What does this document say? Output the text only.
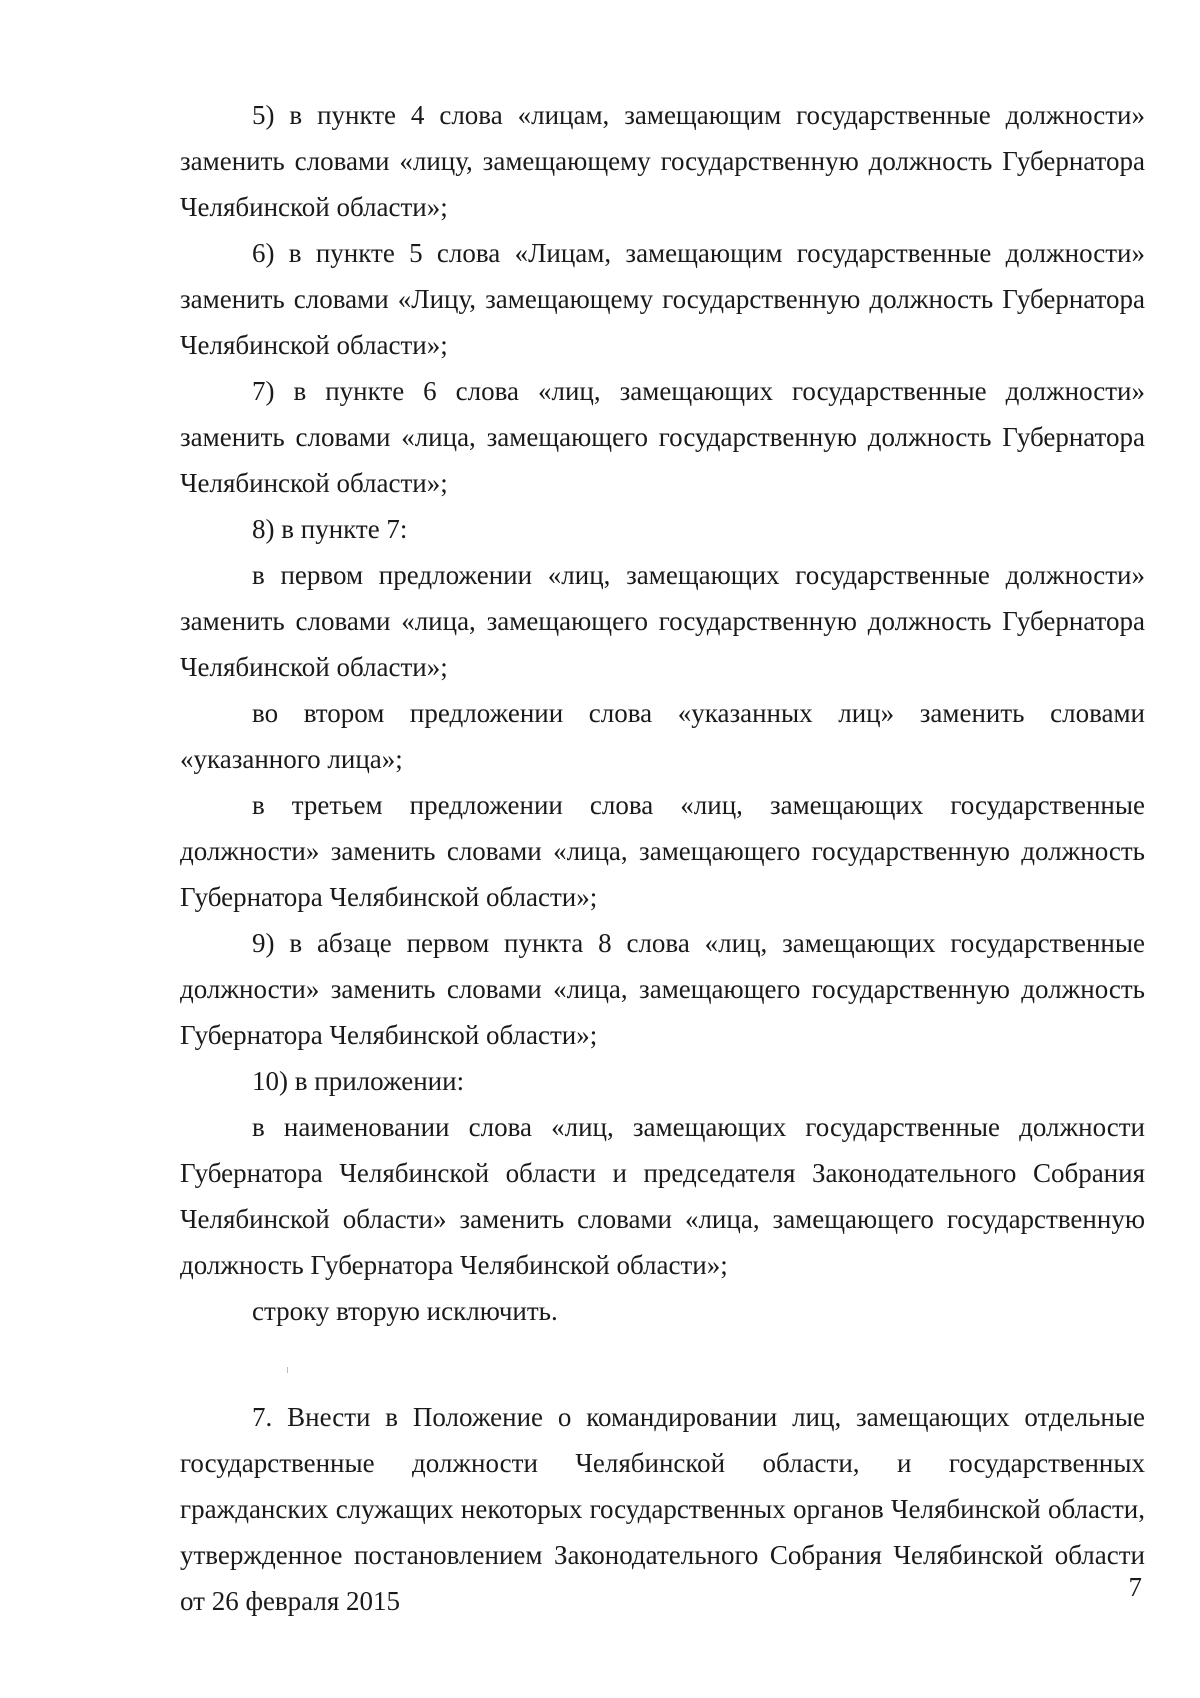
5) в пункте 4 слова «лицам, замещающим государственные должности» заменить словами «лицу, замещающему государственную должность Губернатора Челябинской области»;

6) в пункте 5 слова «Лицам, замещающим государственные должности» заменить словами «Лицу, замещающему государственную должность Губернатора Челябинской области»;

7) в пункте 6 слова «лиц, замещающих государственные должности» заменить словами «лица, замещающего государственную должность Губернатора Челябинской области»;

8) в пункте 7:

в первом предложении «лиц, замещающих государственные должности» заменить словами «лица, замещающего государственную должность Губернатора Челябинской области»;

во втором предложении слова «указанных лиц» заменить словами «указанного лица»;

в третьем предложении слова «лиц, замещающих государственные должности» заменить словами «лица, замещающего государственную должность Губернатора Челябинской области»;

9) в абзаце первом пункта 8 слова «лиц, замещающих государственные должности» заменить словами «лица, замещающего государственную должность Губернатора Челябинской области»;

10) в приложении:

в наименовании слова «лиц, замещающих государственные должности Губернатора Челябинской области и председателя Законодательного Собрания Челябинской области» заменить словами «лица, замещающего государственную должность Губернатора Челябинской области»;

строку вторую исключить.

7. Внести в Положение о командировании лиц, замещающих отдельные государственные должности Челябинской области, и государственных гражданских служащих некоторых государственных органов Челябинской области, утвержденное постановлением Законодательного Собрания Челябинской области от 26 февраля 2015	7
